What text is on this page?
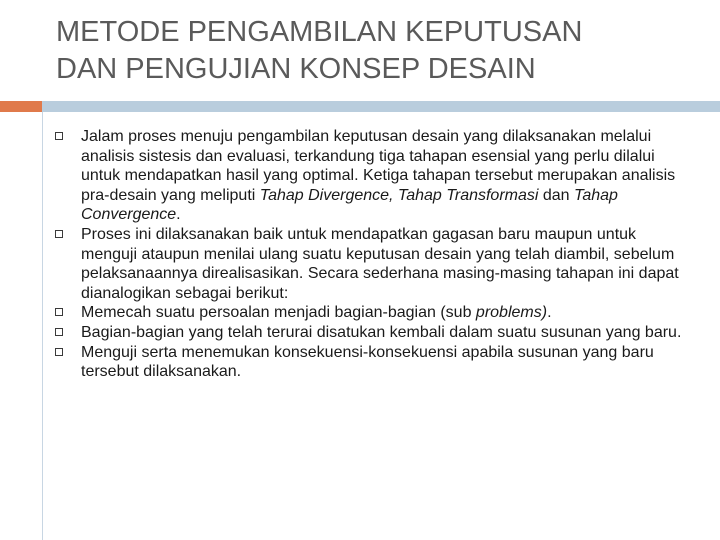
METODE PENGAMBILAN KEPUTUSAN
DAN PENGUJIAN KONSEP DESAIN

Jalam proses menuju pengambilan keputusan desain yang dilaksanakan melalui analisis sistesis dan evaluasi, terkandung tiga tahapan esensial yang perlu dilalui untuk mendapatkan hasil yang optimal. Ketiga tahapan tersebut merupakan analisis pra-desain yang meliputi Tahap Divergence, Tahap Transformasi dan Tahap Convergence.

Proses ini dilaksanakan baik untuk mendapatkan gagasan baru maupun untuk menguji ataupun menilai ulang suatu keputusan desain yang telah diambil, sebelum pelaksanaannya direalisasikan. Secara sederhana masing-masing tahapan ini dapat dianalogikan sebagai berikut:

Memecah suatu persoalan menjadi bagian-bagian (sub problems).

Bagian-bagian yang telah terurai disatukan kembali dalam suatu susunan yang baru.

Menguji serta menemukan konsekuensi-konsekuensi apabila susunan yang baru tersebut dilaksanakan.
